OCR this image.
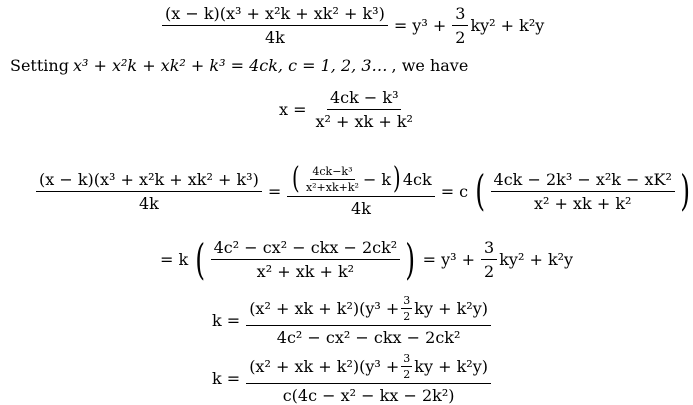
$\frac{\text{(x − k)(x³ + x²k + xk² + k³)}}{4k} = y^3 + \frac{3}{2} ky^2 + k^2y$
Setting x³ + x²k + xk² + k³ = 4ck, c = 1, 2, 3… , we have
$x = \frac{\text{4ck − k³}}{\text{x² + xk + k²}}$
$\frac{\text{(x − k)(x³ + x²k + xk² + k³)}}{4k}$ = ( $\frac{\text{4ck−k³}}{\text{x²+xk+k²}} - k$ ) 4ck
4k
= c ( $\frac{\text{4ck − 2k³ − x²k − xK²}}{\text{x² + xk + k²}}$ )
= k ( $\frac{\text{4c² − cx² − ckx − 2ck²}}{\text{x² + xk + k²}}$ ) = $y^3 + \frac{3}{2} ky^2 + k^2y$
k =
(x² + xk + $k^2)(y^3 + \frac{3}{2}$ ky + k²y)
4c² − cx² − ckx − 2ck²
k =
(x² + xk + $k^2)(y^3 + \frac{3}{2}$ ky + k²y)
c(4c − x² − kx − 2k²)
